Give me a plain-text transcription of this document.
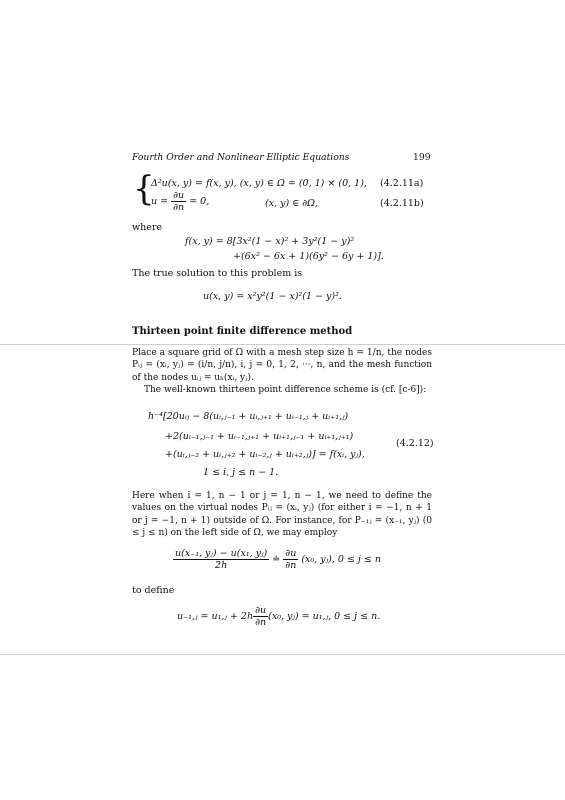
Fourth Order and Nonlinear Elliptic Equations	199
{
Δ²u(x, y) = f(x, y), (x, y) ∈ Ω = (0, 1) × (0, 1), (4.2.11a)
$u = \frac{\partial u}{\partial n} = 0$,	(x, y) ∈ ∂Ω,	(4.2.11b)
where
f(x, y) = 8[3x²(1 − x)² + 3y²(1 − y)²
+(6x² − 6x + 1)(6y² − 6y + 1)].
The true solution to this problem is
u(x, y) = x²y²(1 − x)²(1 − y)².
Thirteen point finite difference method

Place a square grid of Ω with a mesh step size h = 1/n, the nodes Pᵢⱼ = (xᵢ, yⱼ) = (i/n, j/n), i, j = 0, 1, 2, ···, n, and the mesh function of the nodes uᵢⱼ = uₕ(xᵢ, yⱼ).

The well-known thirteen point difference scheme is (cf. [c-6]):

h⁻⁴[20uᵢⱼ − 8(uᵢ,ⱼ₋₁ + uᵢ,ⱼ₊₁ + uᵢ₋₁,ⱼ + uᵢ₊₁,ⱼ)
+2(uᵢ₋₁,ⱼ₋₁ + uᵢ₋₁,ⱼ₊₁ + uᵢ₊₁,ⱼ₋₁ + uᵢ₊₁,ⱼ₊₁)
+(uᵢ,ⱼ₋₂ + uᵢ,ⱼ₊₂ + uᵢ₋₂,ⱼ + uᵢ₊₂,ⱼ)] = f(xᵢ, yⱼ),
1 ≤ i, j ≤ n − 1.
(4.2.12)
Here when i = 1, n − 1 or j = 1, n − 1, we need to define the values on the virtual nodes Pᵢⱼ = (xᵢ, yⱼ) (for either i = −1, n + 1 or j = −1, n + 1) outside of Ω. For instance, for P₋₁ⱼ = (x₋₁, yⱼ) (0 ≤ j ≤ n) on the left side of Ω, we may employ
$\frac{\text{u(x₋₁, yⱼ) − u(x₁, yⱼ)}}{2h}$ ≐ $\frac{\partial u}{\partial n} (x_0$, yⱼ), 0 ≤ j ≤ n
to define
u₋₁,ⱼ = u₁,ⱼ + $2h \frac{\partial u}{\partial n} (x_0$, yⱼ) = u₁,ⱼ, 0 ≤ j ≤ n.
